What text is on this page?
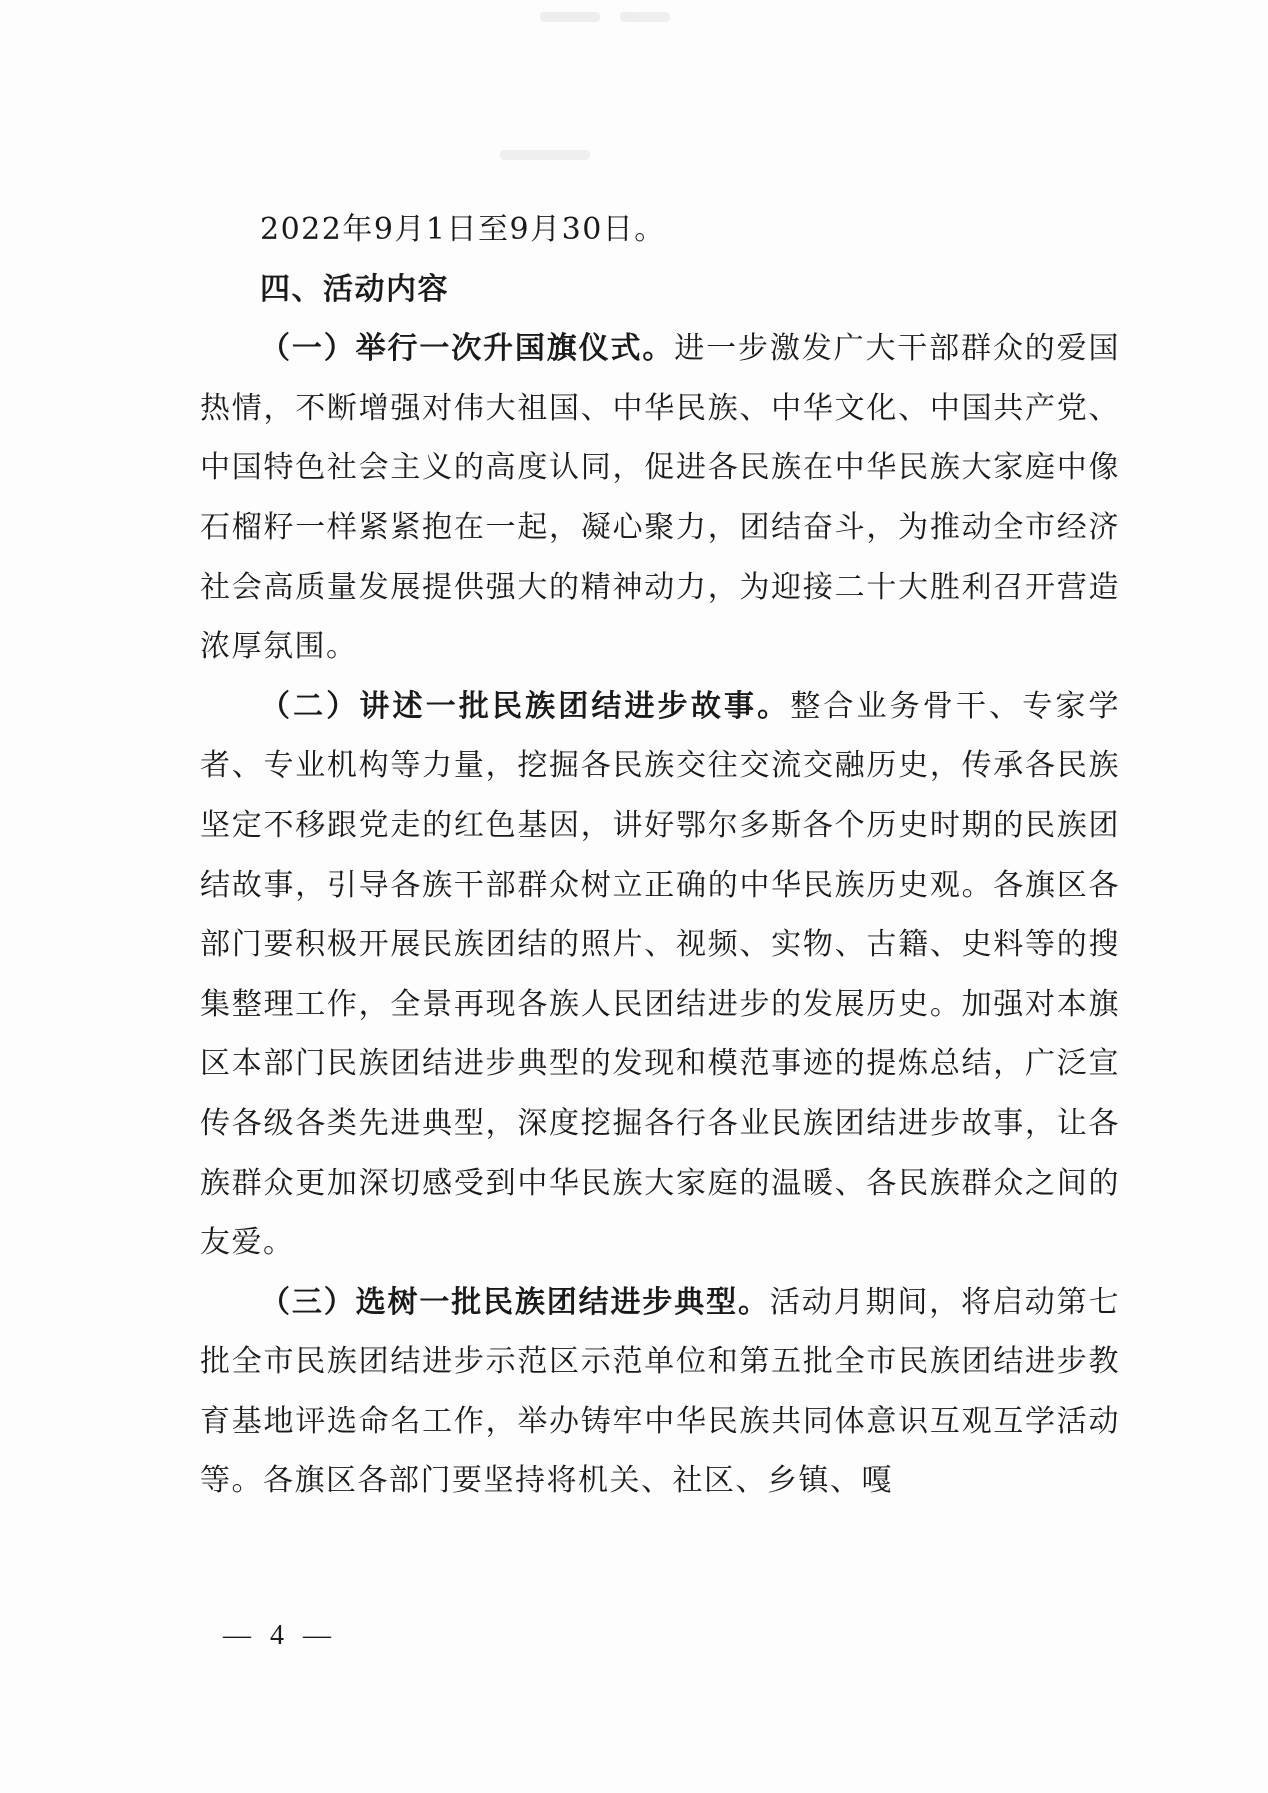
2022年9月1日至9月30日。

四、活动内容

（一）举行一次升国旗仪式。进一步激发广大干部群众的爱国热情，不断增强对伟大祖国、中华民族、中华文化、中国共产党、中国特色社会主义的高度认同，促进各民族在中华民族大家庭中像石榴籽一样紧紧抱在一起，凝心聚力，团结奋斗，为推动全市经济社会高质量发展提供强大的精神动力，为迎接二十大胜利召开营造浓厚氛围。

（二）讲述一批民族团结进步故事。整合业务骨干、专家学者、专业机构等力量，挖掘各民族交往交流交融历史，传承各民族坚定不移跟党走的红色基因，讲好鄂尔多斯各个历史时期的民族团结故事，引导各族干部群众树立正确的中华民族历史观。各旗区各部门要积极开展民族团结的照片、视频、实物、古籍、史料等的搜集整理工作，全景再现各族人民团结进步的发展历史。加强对本旗区本部门民族团结进步典型的发现和模范事迹的提炼总结，广泛宣传各级各类先进典型，深度挖掘各行各业民族团结进步故事，让各族群众更加深切感受到中华民族大家庭的温暖、各民族群众之间的友爱。

（三）选树一批民族团结进步典型。活动月期间，将启动第七批全市民族团结进步示范区示范单位和第五批全市民族团结进步教育基地评选命名工作，举办铸牢中华民族共同体意识互观互学活动等。各旗区各部门要坚持将机关、社区、乡镇、嘎

— 4 —
